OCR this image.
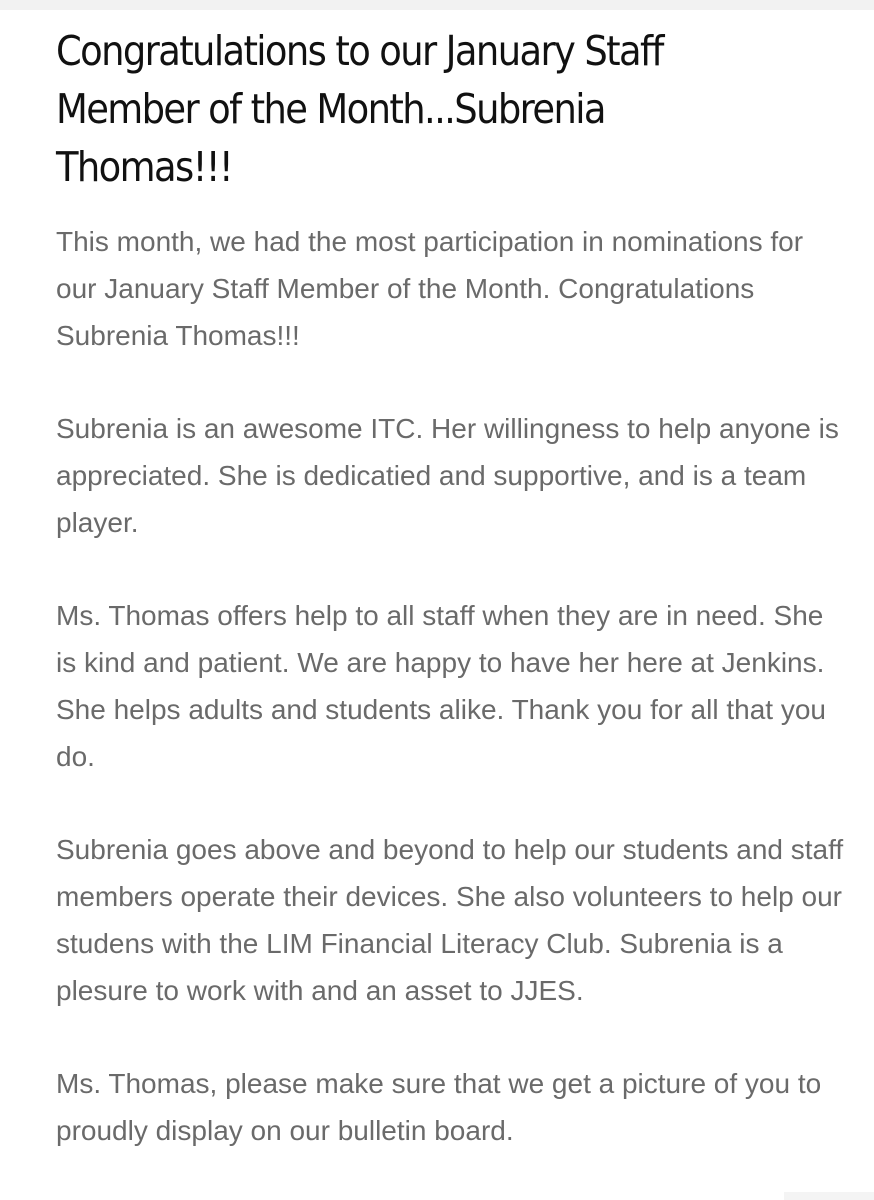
Congratulations to our January Staff Member of the Month...Subrenia Thomas!!!

This month, we had the most participation in nominations for our January Staff Member of the Month. Congratulations Subrenia Thomas!!!

Subrenia is an awesome ITC. Her willingness to help anyone is appreciated. She is dedicatied and supportive, and is a team player.

Ms. Thomas offers help to all staff when they are in need. She is kind and patient. We are happy to have her here at Jenkins. She helps adults and students alike. Thank you for all that you do.

Subrenia goes above and beyond to help our students and staff members operate their devices. She also volunteers to help our studens with the LIM Financial Literacy Club. Subrenia is a plesure to work with and an asset to JJES.

Ms. Thomas, please make sure that we get a picture of you to proudly display on our bulletin board.
